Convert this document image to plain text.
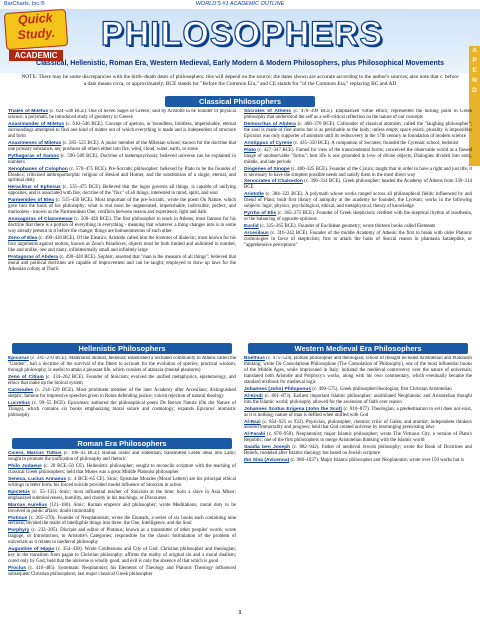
BarCharts, Inc.®	WORLD'S #1 ACADEMIC OUTLINE
Quick
Study.
ACADEMIC
PHILOSOPHERS
Classical, Hellenistic, Roman Era, Western Medieval, Early Modern & Modern Philosophers, plus Philosophical Movements
A
P
E
N
D
NOTE: There may be some discrepancies with the birth–death dates of philosophers; this will depend on the source; the dates shown are accurate according to the author's sources; also note that c. before a date means circa, or approximately; BCE stands for "Before the Common Era," and CE stands for "of the Common Era," replacing BC and AD
Classical Philosophers

Thales of Miletus (c. 624–546 BCE). One of Seven Sages of Greece; said by Aristotle to be founder of physical science; a polymath, he introduced study of geometry to Greece

Anaximander of Miletus (c. 610–546 BCE). Concept of apeiron, or boundless, limitless, imperishable, eternal surroundings attempted to find one kind of matter out of which everything is made and is independent of structure and form

Anaximenes of Miletus (c. 585–525 BCE). A junior member of the Milesian school; known for the doctrine that one primary substance, aer, produces all others either into fire, wind, cloud, water, earth, or stone

Pythagoras of Samos (c. 590–500 BCE). Doctrine of metempsychosis; believed universe can be explained in numbers

Xenophanes of Colophon (c. 570–475 BCE). Pre-Socratic philosopher; believed by Plato to be the founder of Eleatics; criticized anthropomorphic religion of Hesiod and Homer, and the substitution of a single, eternal, and spiritual deity

Heraclitus of Ephesus (c. 535–475 BCE). Believed that the logos governs all things, is capable of unifying opposites, and is associated with fire; doctrine of the "flux" of all things; interested in mind, spirit, and soul

Parmenides of Elea (c. 515–450 BCE). Most important of the pre-Socratic, wrote the poem On Nature, which gave him the basis of his philosophy; what is real must be ungenerated, imperishable, indivisible, perfect, and motionless - known as the Parmenidean One; conflicts between reason and experience, light and dark

Anaxagoras of Clazomenae (c. 500–428 BCE). The first philosopher to teach in Athens; most famous for his doctrine that there is a portion of everything in everything - meaning that whatever a thing changes into is in some way already present in it before the change; things are homoeomerous of each other

Zeno of Elea (c. 490–430 BCE). Of the Eleatics; Aristotle called him the inventor of dialectic; most known for his four arguments against motion, known as Zeno's Paradoxes; objects must be both limited and unlimited in number, like and unlike, one and many, infinitesimally small and infinitely large

Protagoras of Abdera (c. 490–420 BCE). Sophist; asserted that "man is the measure of all things"; believed that moral and political doctrines are capable of improvement and can be taught; employed to draw up laws for the Athenian colony at Thurii

Socrates of Athens (c. 470–399 BCE). Emphasized virtue ethics; represented the turning point in Greek philosophy that understood the self as a self-critical reflection on the nature of our concepts

Democritus of Abdera (c. 460–370 BCE). Cofounder of classical atomism, called the "laughing philosopher"; the soul is made of fine atoms but is as perishable as the body; unless empty space exists, plurality is impossible; Epicurus was only supporter of atomism until its rediscovery in the 17th century as foundation of modern science

Aristippus of Cyrene (c. 435–350 BCE). A companion of Socrates; founded the Cyrenaic school; hedonist

Plato (c. 427–347 BCE). Famed for view of the transcendental forms; conceived the observable world as a flawed image of unobservable "forms"; best life is one grounded in love of divine objects; Dialogues divided into early, middle, and late periods

Diogenes of Sinope (c. 400–325 BCE). Founder of the Cynics; taught that in order to have a right and just life, it is necessary to have the simplest possible needs and satisfy them in the most direct way

Xenocrates of Chalcedon (c. 396–314 BCE). Greek philosopher; headed the Academy of Athens from 339–314 BCE

Aristotle (c. 384–322 BCE). A polymath whose works ranged across all philosophical fields; influenced by and friend of Plato; built first library of antiquity at the academy he founded, the Lyceum; works in the following subjects: logic, physics, psychological, ethical, and metaphysical, theory of knowledge

Pyrrho of Elis (c. 365–275 BCE). Founder of Greek skepticism; credited with the skeptical rhythm of isosthenia, or the balancing of opposite opinions

Euclid (c. 325–265 BCE). Founder of Euclidean geometry; wrote thirteen books called Elements

Arcesilaus (c. 316–242 BCE). Founder of the middle Academy of Athens; the first to break with older Platonic cosmologies in favor of skepticism; first to attack the basis of Stoical reason in phantasia kataleptike, or "apprehensive perceptions"

Hellenistic Philosophers

Epicurus (c. 341–270 BCE). Materialist atomist, hedonist; established a secluded community in Athens called the "Garden"; had a doctrine of the survival of the fittest to account for the evolution of species; practical wisdom, through philosophy, is useful to attain a pleasant life, which consists of ataraxia (mental pleasures)

Zeno of Citium (c. 334–262 BCE). Founder of Stoicism; evolved the unified metaphysics, epistemology, and ethics that make up the Stoical system

Carneades (c. 214–129 BCE). Most prominent member of the later Academy after Arcesilaus; distinguished skeptic, famous for impressive speeches given in Rome defending justice; voiced rejection of natural theology

Lucretius (c. 99–55 BCE). Epicurean; authored the philosophical poem De Rerum Natura (On the Nature of Things), which contains six books emphasizing moral solace and cosmology; expands Epicurus' atomistic philosophy

Roman Era Philosophers

Cicero, Marcus Tullius (c. 106–43 BCE). Roman orator and statesman; transmitted Greek ideas into Latin; sought to promote the unification of philosophy and rhetoric

Philo Judaeus (c. 20 BCE–50 CE). Hellenistic philosopher; sought to reconcile scripture with the teaching of classical Greek philosophers; held that Moses was a great Middle Platonist philosopher

Seneca, Lucius Annaeus (c. 4 BCE–65 CE). Stoic; Epistulae Morales (Moral Letters) are his principal ethical writings in letter form; his forced suicide provided model influence of Stoicism in action

Epictetus (c. 55–135). Stoic; most influential teacher of Stoicism at the time; born a slave in Asia Minor; emphasized submissiveness, humility, and charity in his teachings, or Discourses

Marcus Aurelius (121–180). Stoic; Roman emperor and philosopher; wrote Meditations; moral duty to be involved in public affairs; doubt immortality

Plotinus (c. 205–270). Founder of Neoplatonism; wrote the Enneads, a series of six books each containing nine sections; divided the realm of intelligible things into three: the One, Intelligence, and the Soul

Porphyry (c. 232–305). Disciple and editor of Plotinus; known as a transmitter of other peoples' words; wrote Isagoge, or Introduction, to Aristotle's Categories; responsible for the classic formulation of the problem of universals as it relates to medieval philosophy

Augustine of Hippo (c. 354–430). Wrote Confessions and City of God. Christian philosopher and theologian; key in the transition from pagan to Christian philosophy; affirms the reality of original sin and a moral dualism; cured only by God; held that the universe is wholly good, and evil is only the absence of that which is good

Proclus (c. 410–485). Systematic Neoplatonist; his Elements of Theology and Platonic Theology influenced subsequent Christian philosophers; last major classical Greek philosopher

Western Medieval Era Philosophers

Boethius (c. 475–524). Roman philosopher and theologian; school of thought included Aristotelian and Platonism thinking; wrote De Consolatione Philosophiae (The Consolation of Philosophy), one of the most influential books of the Middle Ages, while imprisoned in Italy; initiated the medieval controversy over the nature of universals; translated both Aristotle and Porphyry's works, along with his own commentary, which eventually became the standard textbook for medieval logic

Johannes (John) Philoponus (c. 490–575). Greek philosopher/theologian; first Christian Aristotelian

Al-Kindi (c. 801–873). Earliest important Islamic philosopher; assimilated Neoplatonic and Aristotelian thought into the Islamic world; philosophy allowed for the ascension of faith over reason

Johannes Scotus Erigena (John the Scot) (c. 810–877). Theologian; a predestination to evil does not exist, as it is nothing; nature of man is defiled when unified with God

Al-Razi (c. 854–925 or 932). Physician, philosopher, chemist; critic of Galen, and atomist; independent thinkers assured immortality and progress; held that God created universe by rearranging preexisting laws

Al-Farabi (c. 870–950). Neoplatonist; major Islamic philosopher; wrote The Virtuous City, a version of Plato's Republic; one of the first philosophers to merge Aristotelian thinking with the Islamic world

Saadia ben Joseph (c. 882–942). Father of medieval Jewish philosophy; wrote the Book of Doctrines and Beliefs, modeled after Islamic theology but based on Jewish scripture

Ibn Sina (Avicenna) (c. 980–1037). Major Islamic philosopher and Neoplatonist; wrote over 150 works but is

1
